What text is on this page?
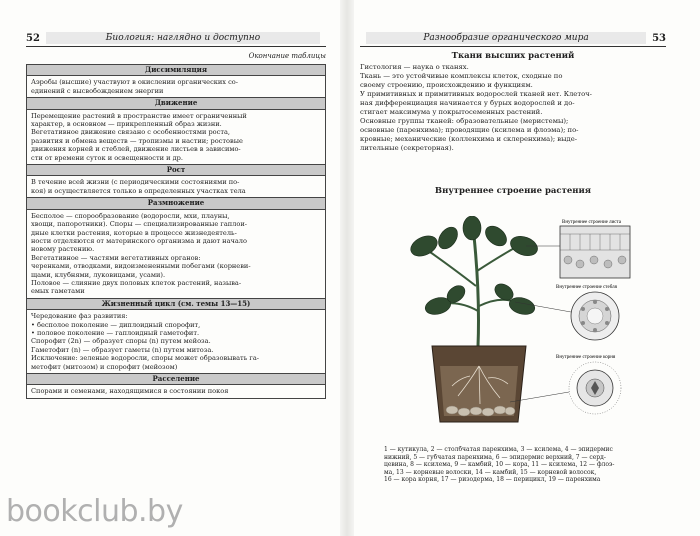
52	Биология: наглядно и доступно
Окончание таблицы
Диссимиляция

Аэробы (высшие) участвуют в окислении органических со-
единений с высвобождением энергии

Движение

Перемещение растений в пространстве имеет ограниченный
характер, в основном — прикрепленный образ жизни.
Вегетативное движение связано с особенностями роста,
развития и обмена веществ — тропизмы и настии; ростовые
движения корней и стеблей, движение листьев в зависимо-
сти от времени суток и освещенности и др.

Рост

В течение всей жизни (с периодическими состояниями по-
коя) и осуществляется только в определенных участках тела

Размножение

Бесполое — спорообразование (водоросли, мхи, плауны,
хвощи, папоротники). Споры — специализированные гаплои-
дные клетки растения, которые в процессе жизнедеятель-
ности отделяются от материнского организма и дают начало
новому растению.
Вегетативное — частями вегетативных органов:
черенками, отводками, видоизмененными побегами (корневи-
щами, клубнями, луковицами, усами).
Половое — слияние двух половых клеток растений, называ-
емых гаметами

Жизненный цикл (см. темы 13—15)

Чередование фаз развития:
• бесполое поколение — диплоидный спорофит,
• половое поколение — гаплоидный гаметофит.
Спорофит (2n) — образует споры (n) путем мейоза.
Гаметофит (n) — образует гаметы (n) путем митоза.
Исключение: зеленые водоросли, споры может образовывать га-
метофит (митозом) и спорофит (мейозом)

Расселение

Спорами и семенами, находящимися в состоянии покоя
Разнообразие органического мира	53
Ткани высших растений
Гистология — наука о тканях.
Ткань — это устойчивые комплексы клеток, сходные по
своему строению, происхождению и функциям.
У примитивных и примитивных водорослей тканей нет. Клеточ-
ная дифференциация начинается у бурых водорослей и до-
стигает максимума у покрытосеменных растений.
Основные группы тканей: образовательные (меристемы);
основные (паренхима); проводящие (ксилема и флоэма); по-
кровные; механические (колленхима и склеренхима); выде-
лительные (секреторная).
Внутреннее строение растения
Внутреннее строение листа
Внутреннее строение стебля
Внутреннее строение корня
1 — кутикула, 2 — столбчатая паренхима, 3 — ксилема, 4 — эпидермис
нижний, 5 — губчатая паренхима, 6 — эпидермис верхний, 7 — серд-
цевина, 8 — ксилема, 9 — камбий, 10 — кора, 11 — ксилема, 12 — флоэ-
ма, 13 — корневые волоски, 14 — камбий, 15 — корневой волосок,
16 — кора корня, 17 — ризодерма, 18 — перицикл, 19 — паренхима
bookclub.by
